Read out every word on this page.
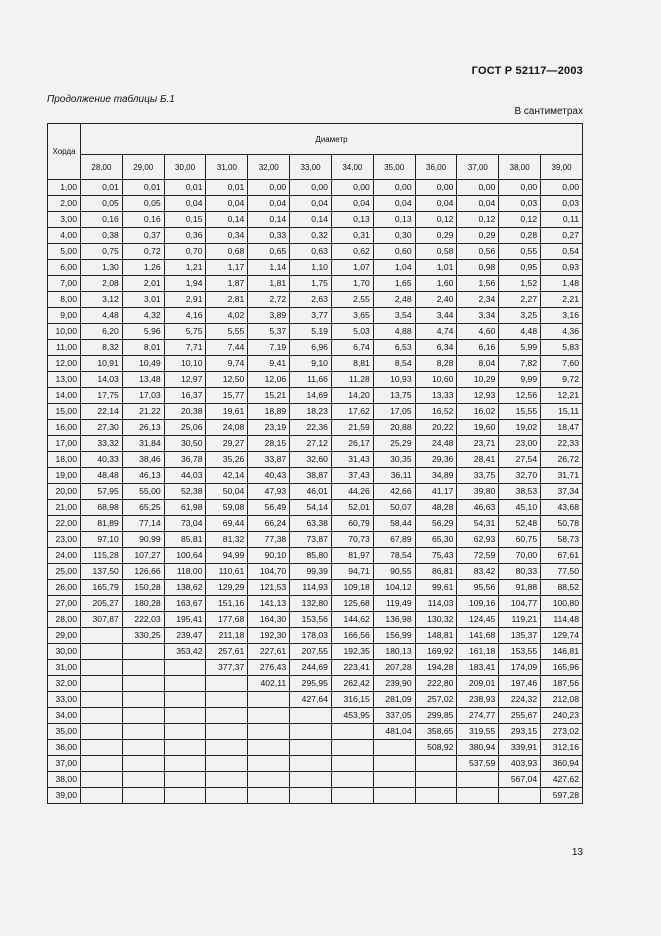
ГОСТ Р 52117—2003
Продолжение таблицы Б.1
В сантиметрах
Хорда	Диаметр											
	28,00	29,00	30,00	31,00	32,00	33,00	34,00	35,00	36,00	37,00	38,00	39,00
1,00	0,01	0,01	0,01	0,01	0,00	0,00	0,00	0,00	0,00	0,00	0,00	0,00
2,00	0,05	0,05	0,04	0,04	0,04	0,04	0,04	0,04	0,04	0,04	0,03	0,03
3,00	0,16	0,16	0,15	0,14	0,14	0,14	0,13	0,13	0,12	0,12	0,12	0,11
4,00	0,38	0,37	0,36	0,34	0,33	0,32	0,31	0,30	0,29	0,29	0,28	0,27
5,00	0,75	0,72	0,70	0,68	0,65	0,63	0,62	0,60	0,58	0,56	0,55	0,54
6,00	1,30	1,26	1,21	1,17	1,14	1,10	1,07	1,04	1,01	0,98	0,95	0,93
7,00	2,08	2,01	1,94	1,87	1,81	1,75	1,70	1,65	1,60	1,56	1,52	1,48
8,00	3,12	3,01	2,91	2,81	2,72	2,63	2,55	2,48	2,40	2,34	2,27	2,21
9,00	4,48	4,32	4,16	4,02	3,89	3,77	3,65	3,54	3,44	3,34	3,25	3,16
10,00	6,20	5,96	5,75	5,55	5,37	5,19	5,03	4,88	4,74	4,60	4,48	4,36
11,00	8,32	8,01	7,71	7,44	7,19	6,96	6,74	6,53	6,34	6,16	5,99	5,83
12,00	10,91	10,49	10,10	9,74	9,41	9,10	8,81	8,54	8,28	8,04	7,82	7,60
13,00	14,03	13,48	12,97	12,50	12,06	11,66	11,28	10,93	10,60	10,29	9,99	9,72
14,00	17,75	17,03	16,37	15,77	15,21	14,69	14,20	13,75	13,33	12,93	12,56	12,21
15,00	22,14	21,22	20,38	19,61	18,89	18,23	17,62	17,05	16,52	16,02	15,55	15,11
16,00	27,30	26,13	25,06	24,08	23,19	22,36	21,59	20,88	20,22	19,60	19,02	18,47
17,00	33,32	31,84	30,50	29,27	28,15	27,12	26,17	25,29	24,48	23,71	23,00	22,33
18,00	40,33	38,46	36,78	35,26	33,87	32,60	31,43	30,35	29,36	28,41	27,54	26,72
19,00	48,48	46,13	44,03	42,14	40,43	38,87	37,43	36,11	34,89	33,75	32,70	31,71
20,00	57,95	55,00	52,38	50,04	47,93	46,01	44,26	42,66	41,17	39,80	38,53	37,34
21,00	68,98	65,25	61,98	59,08	56,49	54,14	52,01	50,07	48,28	46,63	45,10	43,68
22,00	81,89	77,14	73,04	69,44	66,24	63,38	60,79	58,44	56,29	54,31	52,48	50,78
23,00	97,10	90,99	85,81	81,32	77,38	73,87	70,73	67,89	65,30	62,93	60,75	58,73
24,00	115,28	107,27	100,64	94,99	90,10	85,80	81,97	78,54	75,43	72,59	70,00	67,61
25,00	137,50	126,66	118,00	110,61	104,70	99,39	94,71	90,55	86,81	83,42	80,33	77,50
26,00	165,79	150,28	138,62	129,29	121,53	114,93	109,18	104,12	99,61	95,56	91,88	88,52
27,00	205,27	180,28	163,67	151,16	141,13	132,80	125,68	119,49	114,03	109,16	104,77	100,80
28,00	307,87	222,03	195,41	177,68	164,30	153,56	144,62	136,98	130,32	124,45	119,21	114,48
29,00		330,25	239,47	211,18	192,30	178,03	166,56	156,99	148,81	141,68	135,37	129,74
30,00			353,42	257,61	227,61	207,55	192,35	180,13	169,92	161,18	153,55	146,81
31,00				377,37	276,43	244,69	223,41	207,28	194,28	183,41	174,09	165,96
32,00					402,11	295,95	262,42	239,90	222,80	209,01	197,46	187,56
33,00						427,64	316,15	281,09	257,02	238,93	224,32	212,08
34,00							453,95	337,05	299,85	274,77	255,67	240,23
35,00								481,04	358,65	319,55	293,15	273,02
36,00									508,92	380,94	339,91	312,16
37,00										537,59	403,93	360,94
38,00											567,04	427,62
39,00												597,28
13
